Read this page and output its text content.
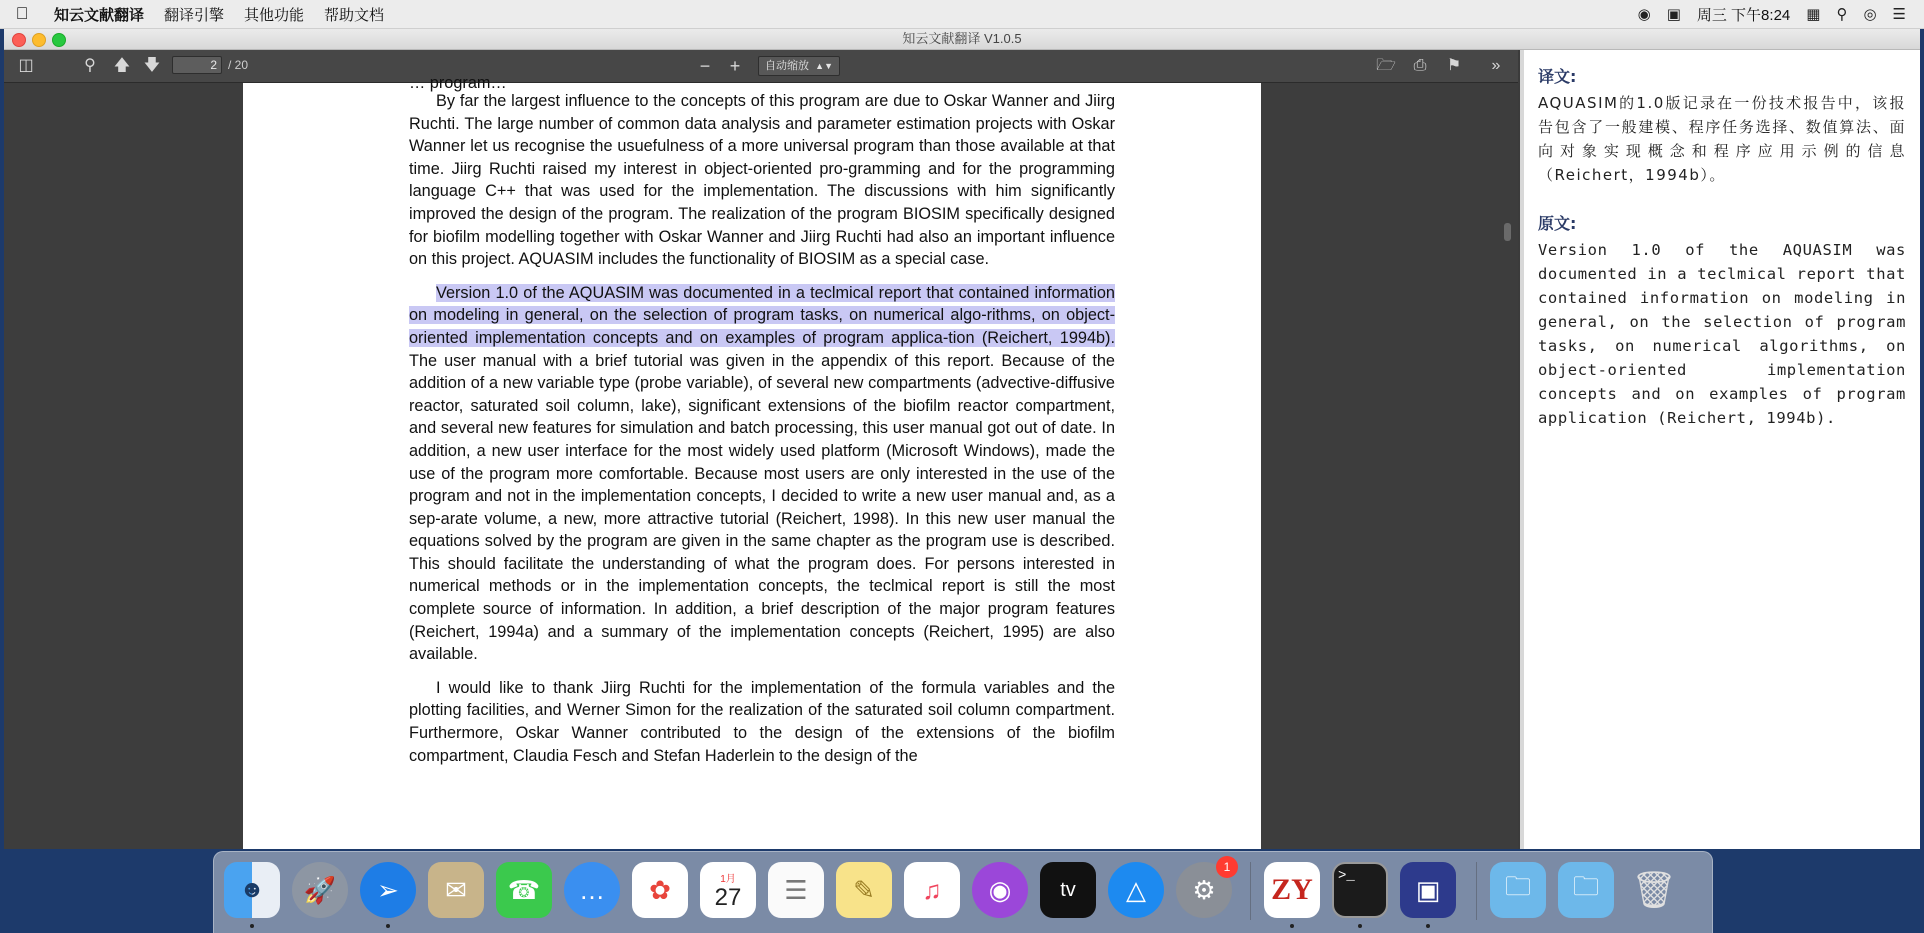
知云文献翻译	翻译引擎	其他功能	帮助文档	◉ ▣ 周三 下午8:24 ▦ ⚲ ◎ ☰
知云文献翻译 V1.0.5
◫	⚲	🡅 🡇	2 / 20	−	+	自动缩放 ▲▼	🗁	⎙	⚑	»

… program…

By far the largest influence to the concepts of this program are due to Oskar Wanner and Jiirg Ruchti. The large number of common data analysis and parameter estimation projects with Oskar Wanner let us recognise the usuefulness of a more universal program than those available at that time. Jiirg Ruchti raised my interest in object-oriented pro-gramming and for the programming language C++ that was used for the implementation. The discussions with him significantly improved the design of the program. The realization of the program BIOSIM specifically designed for biofilm modelling together with Oskar Wanner and Jiirg Ruchti had also an important influence on this project. AQUASIM includes the functionality of BIOSIM as a special case.

Version 1.0 of the AQUASIM was documented in a teclmical report that contained information on modeling in general, on the selection of program tasks, on numerical algo-rithms, on object-oriented implementation concepts and on examples of program applica-tion (Reichert, 1994b). The user manual with a brief tutorial was given in the appendix of this report. Because of the addition of a new variable type (probe variable), of several new compartments (advective-diffusive reactor, saturated soil column, lake), significant extensions of the biofilm reactor compartment, and several new features for simulation and batch processing, this user manual got out of date. In addition, a new user interface for the most widely used platform (Microsoft Windows), made the use of the program more comfortable. Because most users are only interested in the use of the program and not in the implementation concepts, I decided to write a new user manual and, as a sep-arate volume, a new, more attractive tutorial (Reichert, 1998). In this new user manual the equations solved by the program are given in the same chapter as the program use is described. This should facilitate the understanding of what the program does. For persons interested in numerical methods or in the implementation concepts, the teclmical report is still the most complete source of information. In addition, a brief description of the major program features (Reichert, 1994a) and a summary of the implementation concepts (Reichert, 1995) are also available.

I would like to thank Jiirg Ruchti for the implementation of the formula variables and the plotting facilities, and Werner Simon for the realization of the saturated soil column compartment. Furthermore, Oskar Wanner contributed to the design of the extensions of the biofilm compartment, Claudia Fesch and Stefan Haderlein to the design of the

译文:
AQUASIM的1.0版记录在一份技术报告中，该报告包含了一般建模、程序任务选择、数值算法、面向对象实现概念和程序应用示例的信息（Reichert，1994b）。
原文:
Version 1.0 of the AQUASIM was documented in a teclmical report that contained information on modeling in general, on the selection of program tasks, on numerical algorithms, on object-oriented implementation concepts and on examples of program application (Reichert, 1994b).
☻	🚀	➢	✉	☎	…	✿	1月
27	☰	✎	♫	◉	tv	△	⚙
1
ZY >_	▣	🗀	🗀 🗑
